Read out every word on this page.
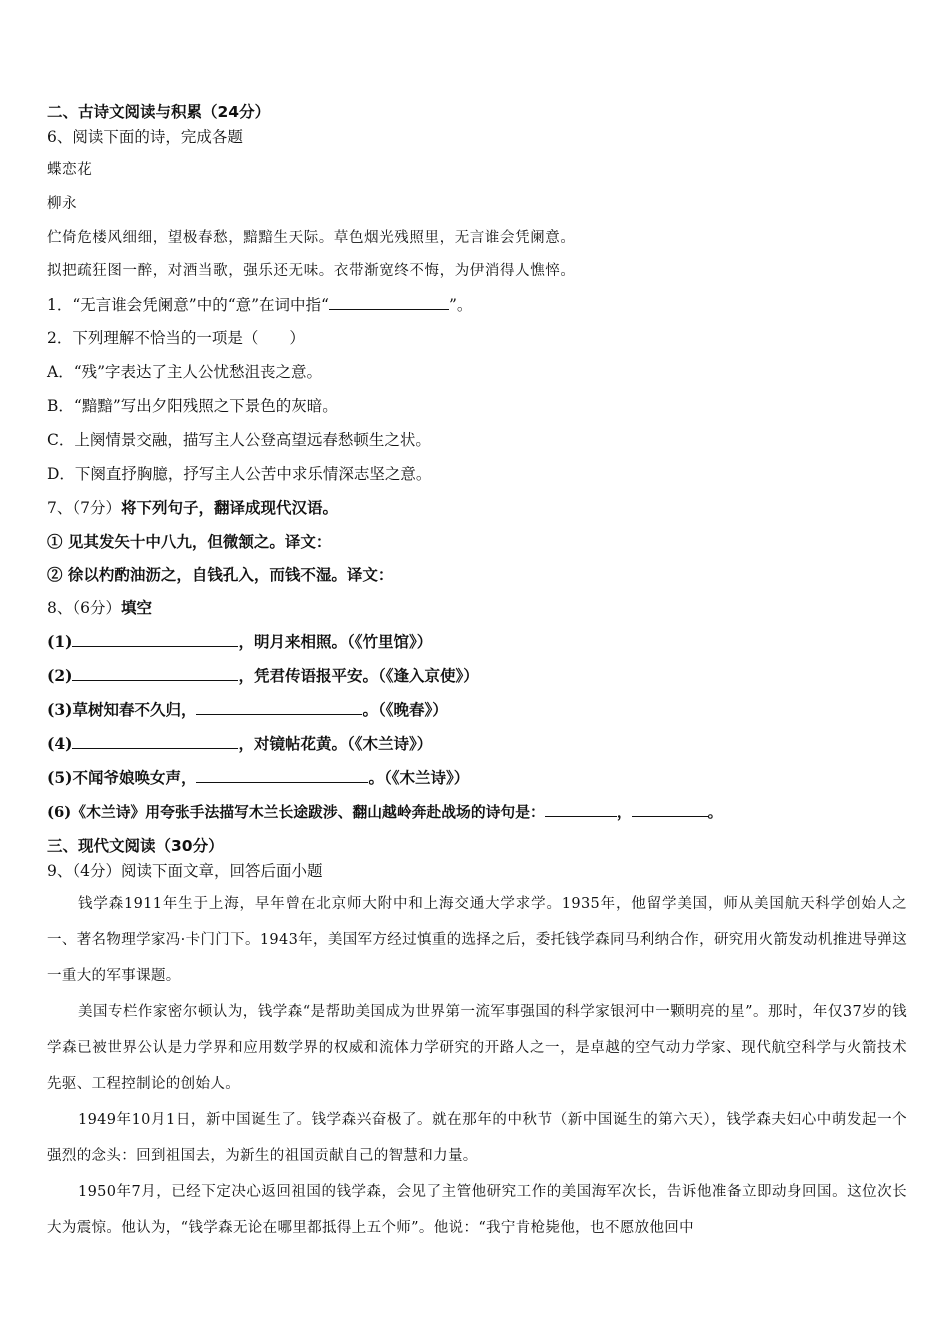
二、古诗文阅读与积累（24分）
6、阅读下面的诗，完成各题
蝶恋花
柳永
伫倚危楼风细细，望极春愁，黯黯生天际。草色烟光残照里，无言谁会凭阑意。
拟把疏狂图一醉，对酒当歌，强乐还无味。衣带渐宽终不悔，为伊消得人憔悴。
1．“无言谁会凭阑意”中的“意”在词中指“	”。
2．下列理解不恰当的一项是（　　）
A．“残”字表达了主人公忧愁沮丧之意。
B．“黯黯”写出夕阳残照之下景色的灰暗。
C．上阕情景交融，描写主人公登高望远春愁顿生之状。
D．下阕直抒胸臆，抒写主人公苦中求乐情深志坚之意。
7、（7分）将下列句子，翻译成现代汉语。
① 见其发矢十中八九，但微颔之。译文：
② 徐以杓酌油沥之，自钱孔入，而钱不湿。译文：
8、（6分）填空
(1)	，明月来相照。（《竹里馆》）
(2)	，凭君传语报平安。（《逢入京使》）
(3)草树知春不久归，	。（《晚春》）
(4)	，对镜帖花黄。（《木兰诗》）
(5)不闻爷娘唤女声，	。（《木兰诗》）
(6)《木兰诗》用夸张手法描写木兰长途跋涉、翻山越岭奔赴战场的诗句是：	，	。
三、现代文阅读（30分）
9、（4分）阅读下面文章，回答后面小题
钱学森1911年生于上海，早年曾在北京师大附中和上海交通大学求学。1935年，他留学美国，师从美国航天科学创始人之一、著名物理学家冯·卡门门下。1943年，美国军方经过慎重的选择之后，委托钱学森同马利纳合作，研究用火箭发动机推进导弹这一重大的军事课题。
美国专栏作家密尔顿认为，钱学森“是帮助美国成为世界第一流军事强国的科学家银河中一颗明亮的星”。那时，年仅37岁的钱学森已被世界公认是力学界和应用数学界的权威和流体力学研究的开路人之一，是卓越的空气动力学家、现代航空科学与火箭技术先驱、工程控制论的创始人。
1949年10月1日，新中国诞生了。钱学森兴奋极了。就在那年的中秋节（新中国诞生的第六天），钱学森夫妇心中萌发起一个强烈的念头：回到祖国去，为新生的祖国贡献自己的智慧和力量。
1950年7月，已经下定决心返回祖国的钱学森，会见了主管他研究工作的美国海军次长，告诉他准备立即动身回国。这位次长大为震惊。他认为，“钱学森无论在哪里都抵得上五个师”。他说：“我宁肯枪毙他，也不愿放他回中
